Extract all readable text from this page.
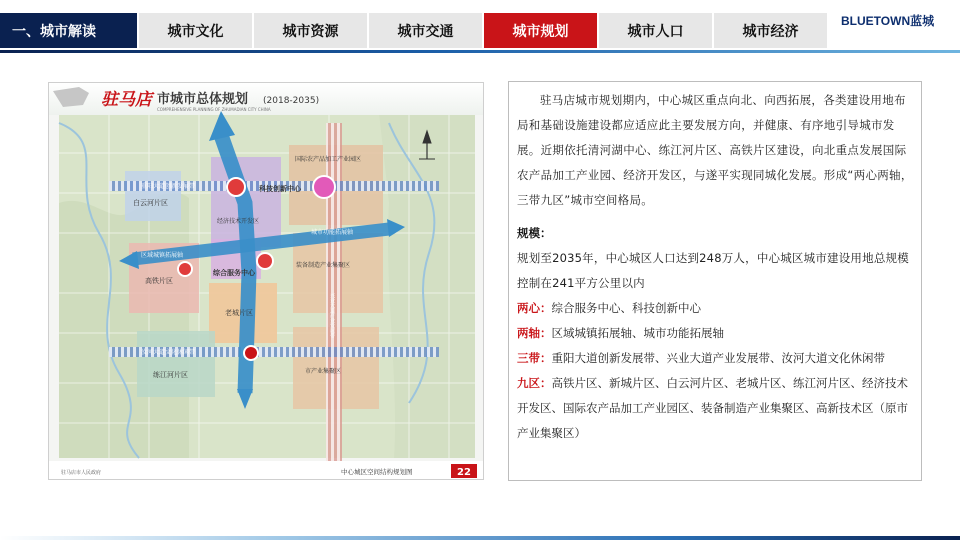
一、城市解读	城市文化	城市资源	城市交通	城市规划	城市人口	城市经济
BLUETOWN蓝城
驻马店 市城市总体规划 (2018-2035)
COMPREHENSIVE PLANNING OF ZHUMADIAN CITY CHINA
白云河片区
高铁片区
老城片区
练江河片区
国际农产品加工产业园区
装备制造产业集聚区
经济技术开发区
市产业集聚区
科技创新中心
综合服务中心
城市功能拓展轴
区域城镇拓展轴
汝河大道文化休闲带
重阳大道创新发展带
兴业大道产业发展带
驻马店市人民政府	中心城区空间结构规划图	22

驻马店城市规划期内，中心城区重点向北、向西拓展，各类建设用地布局和基础设施建设都应适应此主要发展方向，并健康、有序地引导城市发展。近期依托清河湖中心、练江河片区、高铁片区建设，向北重点发展国际农产品加工产业园、经济开发区，与遂平实现同城化发展。形成“两心两轴，三带九区”城市空间格局。

规模：

规划至2035年，中心城区人口达到248万人，中心城区城市建设用地总规模控制在241平方公里以内

两心：综合服务中心、科技创新中心

两轴：区域城镇拓展轴、城市功能拓展轴

三带：重阳大道创新发展带、兴业大道产业发展带、汝河大道文化休闲带

九区：高铁片区、新城片区、白云河片区、老城片区、练江河片区、经济技术开发区、国际农产品加工产业园区、装备制造产业集聚区、高新技术区（原市产业集聚区）
